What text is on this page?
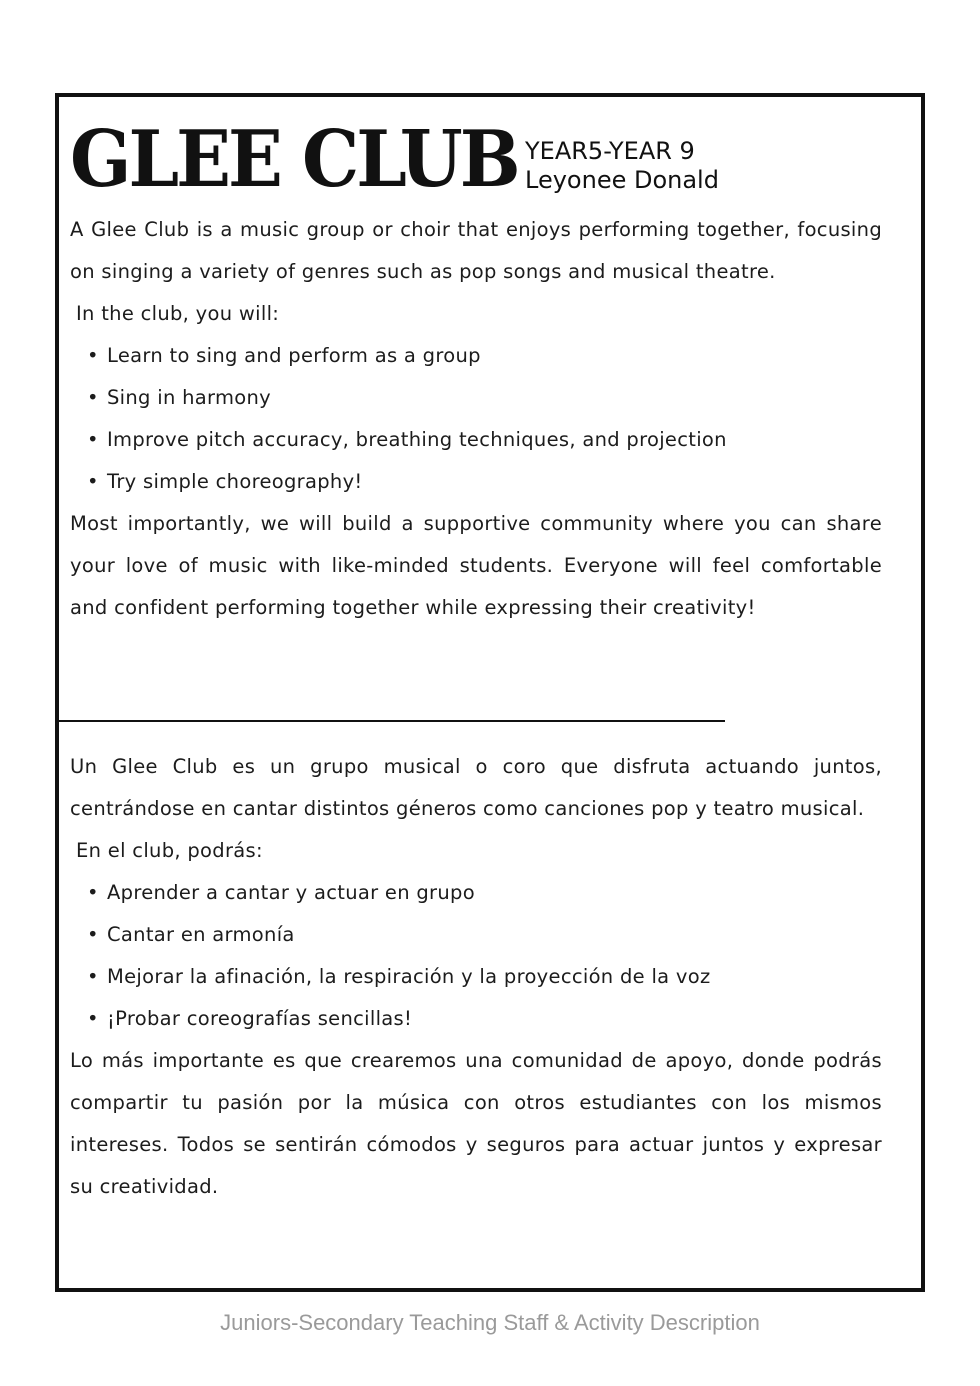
GLEE CLUB YEAR5-YEAR 9
Leyonee Donald

A Glee Club is a music group or choir that enjoys performing together, focusing on singing a variety of genres such as pop songs and musical theatre.

In the club, you will:

• Learn to sing and perform as a group
• Sing in harmony
• Improve pitch accuracy, breathing techniques, and projection
• Try simple choreography!

Most importantly, we will build a supportive community where you can share your love of music with like-minded students. Everyone will feel comfortable and confident performing together while expressing their creativity!

Un Glee Club es un grupo musical o coro que disfruta actuando juntos, centrándose en cantar distintos géneros como canciones pop y teatro musical.

En el club, podrás:

• Aprender a cantar y actuar en grupo
• Cantar en armonía
• Mejorar la afinación, la respiración y la proyección de la voz
• ¡Probar coreografías sencillas!

Lo más importante es que crearemos una comunidad de apoyo, donde podrás compartir tu pasión por la música con otros estudiantes con los mismos intereses. Todos se sentirán cómodos y seguros para actuar juntos y expresar su creatividad.

Juniors-Secondary Teaching Staff & Activity Description
